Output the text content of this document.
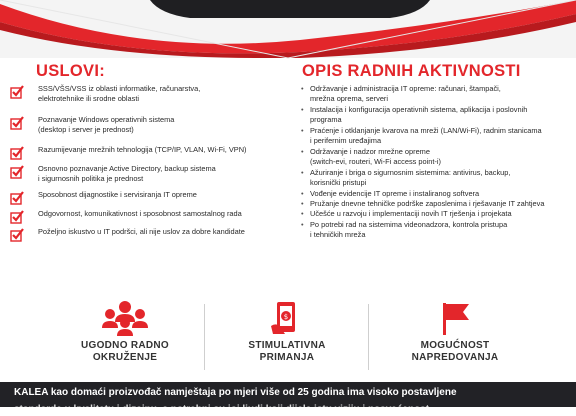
USLOVI:	OPIS RADNIH AKTIVNOSTI
SSS/VŠS/VSS iz oblasti informatike, računarstva,
elektrotehnike ili srodne oblasti
Poznavanje Windows operativnih sistema
(desktop i server je prednost)
Razumijevanje mrežnih tehnologija (TCP/IP, VLAN, Wi-Fi, VPN)
Osnovno poznavanje Active Directory, backup sistema
i sigurnosnih politika je prednost
Sposobnost dijagnostike i servisiranja IT opreme
Odgovornost, komunikativnost i sposobnost samostalnog rada
Poželjno iskustvo u IT podršci, ali nije uslov za dobre kandidate
• Održavanje i administracija IT opreme: računari, štampači,
mrežna oprema, serveri
• Instalacija i konfiguracija operativnih sistema, aplikacija i poslovnih
programa
• Praćenje i otklanjanje kvarova na mreži (LAN/Wi-Fi), radnim stanicama
i perifernim uređajima
• Održavanje i nadzor mrežne opreme
(switch-evi, routeri, Wi-Fi access point-i)
• Ažuriranje i briga o sigurnosnim sistemima: antivirus, backup,
korisnički pristupi
• Vođenje evidencije IT opreme i instaliranog softvera
• Pružanje dnevne tehničke podrške zaposlenima i rješavanje IT zahtjeva
• Učešće u razvoju i implementaciji novih IT rješenja i projekata
• Po potrebi rad na sistemima videonadzora, kontrola pristupa
i tehničkih mreža
UGODNO RADNO
OKRUŽENJE
$
STIMULATIVNA
PRIMANJA
MOGUĆNOST
NAPREDOVANJA

KALEA kao domaći proizvođač namještaja po mjeri više od 25 godina ima visoko postavljene

standarde u kvalitetu i dizajnu, a potrebni su joj ljudi koji dijele istu viziju i posvećenost.
